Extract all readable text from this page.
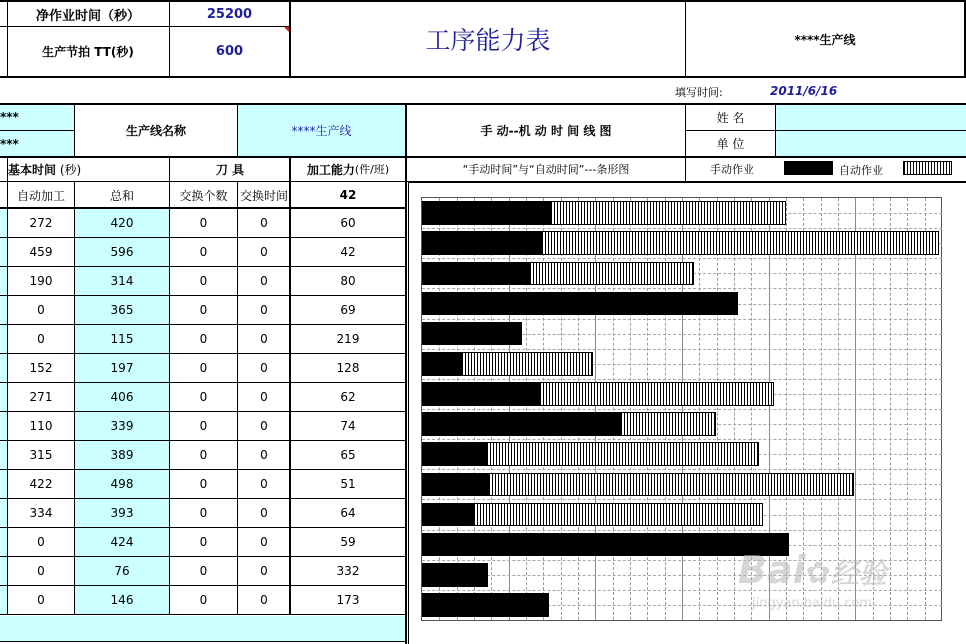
净作业时间（秒）	25200
生产节拍 TT(秒)	600	工序能力表	****生产线
填写时间:	2011/6/16
***
***
生产线名称	****生产线	手 动--机 动 时 间 线 图
姓 名
单 位
基本时间 (秒)	刀 具	加工能力 (件/班)	“手动时间”与“自动时间”---条形图	手动作业	自动作业
自动加工	总和	交换个数	交换时间	42
272	420	0	0	60
459	596	0	0	42
190	314	0	0	80
0	365	0	0	69
0	115	0	0	219
152	197	0	0	128
271	406	0	0	62
110	339	0	0	74
315	389	0	0	65
422	498	0	0	51
334	393	0	0	64
0	424	0	0	59
0	76	0	0	332
0	146	0	0	173
Bai✿经验
jingyan.baidu.com
